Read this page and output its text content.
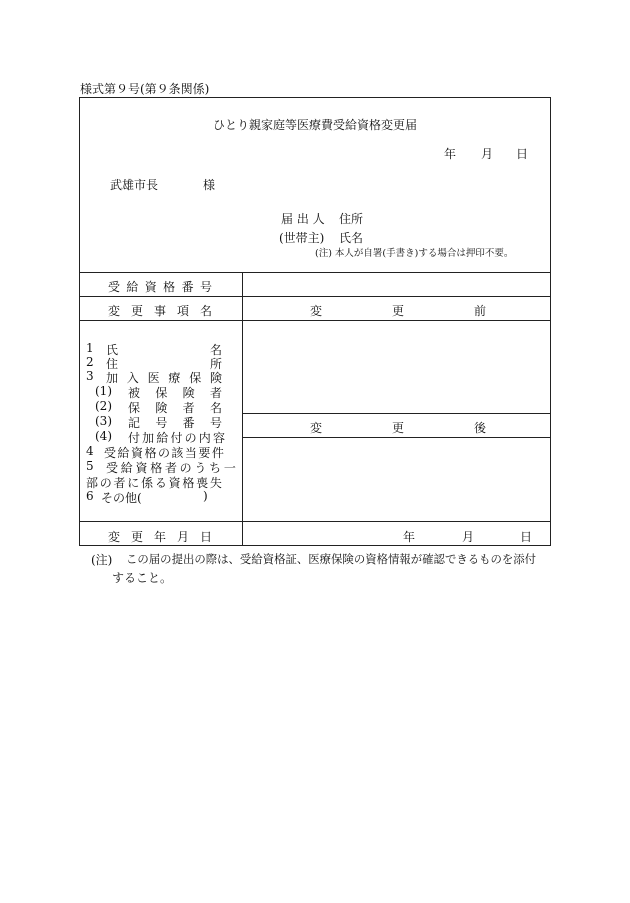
様式第９号(第９条関係)
ひとり親家庭等医療費受給資格変更届
年 月 日
武雄市長	様
届 出 人 住所
(世帯主) 氏名
(注) 本人が自署(手書き)する場合は押印不要。
受 給 資 格 番 号
変 更 事 項 名	変	更	前
変	更	後
1 氏	名
2 住	所
3 加 入 医 療 保 険
(1) 被 保 険 者
(2) 保 険 者 名
(3) 記 号 番 号
(4) 付 加 給 付 の 内 容
4 受 給 資 格 の 該 当 要 件
5 受 給 資 格 者 の う ち 一
部 の 者 に 係 る 資 格 喪 失
6 その他(	)
変 更 年 月 日	年	月	日
(注) この届の提出の際は、受給資格証、医療保険の資格情報が確認できるものを添付
すること。
